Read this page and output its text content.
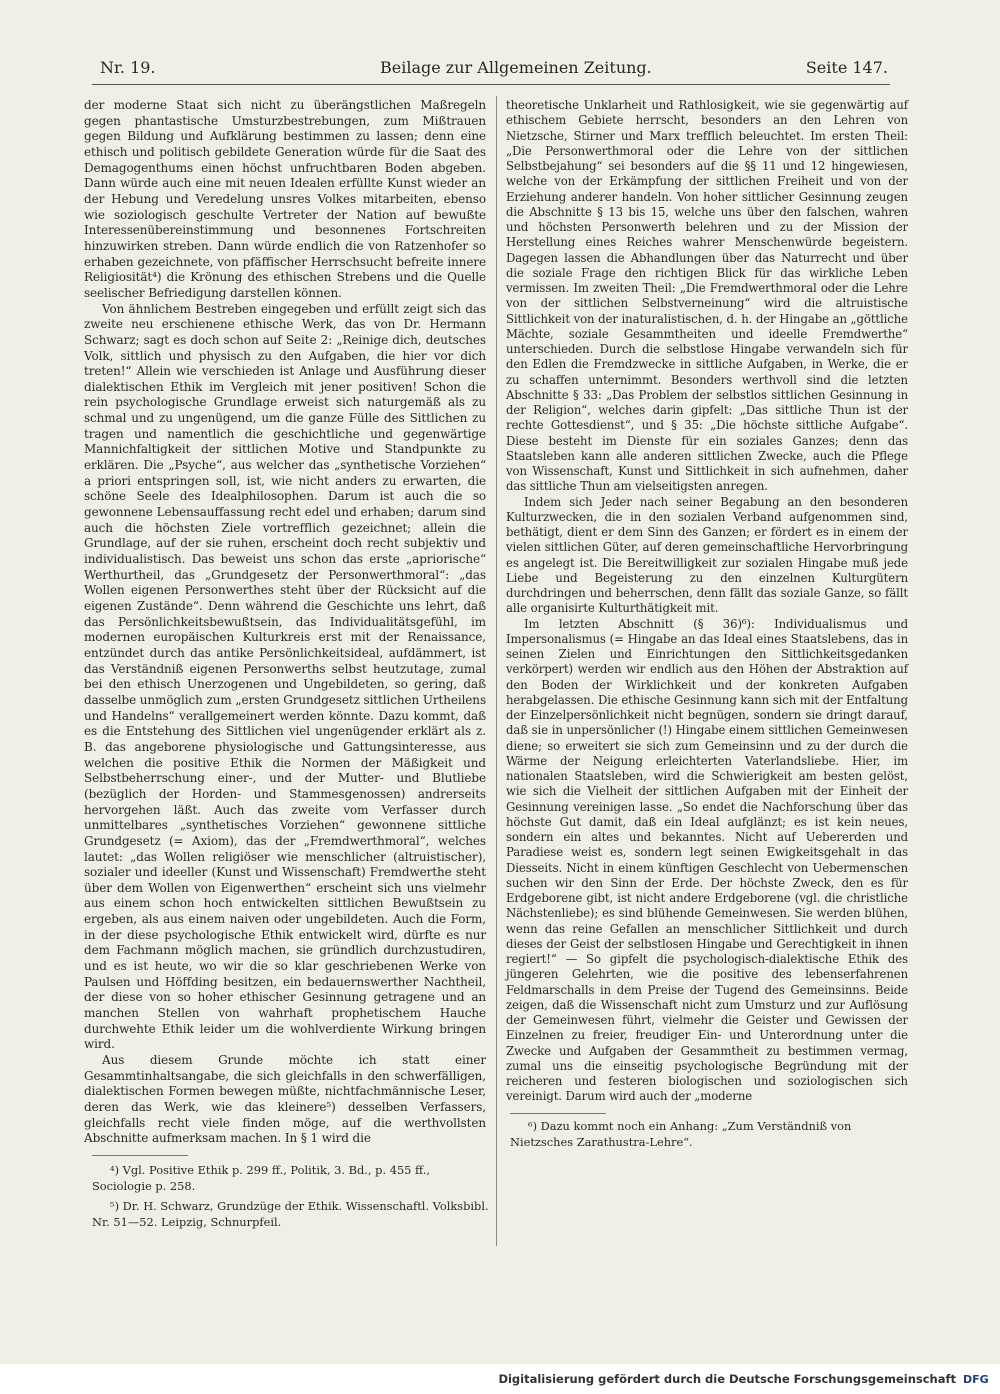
Nr. 19.	Beilage zur Allgemeinen Zeitung.	Seite 147.

der moderne Staat sich nicht zu überängstlichen Maßregeln gegen phantastische Umsturzbestrebungen, zum Mißtrauen gegen Bildung und Aufklärung bestimmen zu lassen; denn eine ethisch und politisch gebildete Generation würde für die Saat des Demagogenthums einen höchst unfruchtbaren Boden abgeben. Dann würde auch eine mit neuen Idealen erfüllte Kunst wieder an der Hebung und Veredelung unsres Volkes mitarbeiten, ebenso wie soziologisch geschulte Vertreter der Nation auf bewußte Interessenübereinstimmung und besonnenes Fortschreiten hinzuwirken streben. Dann würde endlich die von Ratzenhofer so erhaben gezeichnete, von pfäffischer Herrschsucht befreite innere Religiosität⁴) die Krönung des ethischen Strebens und die Quelle seelischer Befriedigung darstellen können.

Von ähnlichem Bestreben eingegeben und erfüllt zeigt sich das zweite neu erschienene ethische Werk, das von Dr. Hermann Schwarz; sagt es doch schon auf Seite 2: „Reinige dich, deutsches Volk, sittlich und physisch zu den Aufgaben, die hier vor dich treten!“ Allein wie verschieden ist Anlage und Ausführung dieser dialektischen Ethik im Vergleich mit jener positiven! Schon die rein psychologische Grundlage erweist sich naturgemäß als zu schmal und zu ungenügend, um die ganze Fülle des Sittlichen zu tragen und namentlich die geschichtliche und gegenwärtige Mannichfaltigkeit der sittlichen Motive und Standpunkte zu erklären. Die „Psyche“, aus welcher das „synthetische Vorziehen“ a priori entspringen soll, ist, wie nicht anders zu erwarten, die schöne Seele des Idealphilosophen. Darum ist auch die so gewonnene Lebensauffassung recht edel und erhaben; darum sind auch die höchsten Ziele vortrefflich gezeichnet; allein die Grundlage, auf der sie ruhen, erscheint doch recht subjektiv und individualistisch. Das beweist uns schon das erste „apriorische“ Werthurtheil, das „Grundgesetz der Personwerthmoral“: „das Wollen eigenen Personwerthes steht über der Rücksicht auf die eigenen Zustände“. Denn während die Geschichte uns lehrt, daß das Persönlichkeitsbewußtsein, das Individualitätsgefühl, im modernen europäischen Kulturkreis erst mit der Renaissance, entzündet durch das antike Persönlichkeitsideal, aufdämmert, ist das Verständniß eigenen Personwerths selbst heutzutage, zumal bei den ethisch Unerzogenen und Ungebildeten, so gering, daß dasselbe unmöglich zum „ersten Grundgesetz sittlichen Urtheilens und Handelns“ verallgemeinert werden könnte. Dazu kommt, daß es die Entstehung des Sittlichen viel ungenügender erklärt als z. B. das angeborene physiologische und Gattungsinteresse, aus welchen die positive Ethik die Normen der Mäßigkeit und Selbstbeherrschung einer-, und der Mutter- und Blutliebe (bezüglich der Horden- und Stammesgenossen) andrerseits hervorgehen läßt. Auch das zweite vom Verfasser durch unmittelbares „synthetisches Vorziehen“ gewonnene sittliche Grundgesetz (= Axiom), das der „Fremdwerthmoral“, welches lautet: „das Wollen religiöser wie menschlicher (altruistischer), sozialer und ideeller (Kunst und Wissenschaft) Fremdwerthe steht über dem Wollen von Eigenwerthen“ erscheint sich uns vielmehr aus einem schon hoch entwickelten sittlichen Bewußtsein zu ergeben, als aus einem naiven oder ungebildeten. Auch die Form, in der diese psychologische Ethik entwickelt wird, dürfte es nur dem Fachmann möglich machen, sie gründlich durchzustudiren, und es ist heute, wo wir die so klar geschriebenen Werke von Paulsen und Höffding besitzen, ein bedauernswerther Nachtheil, der diese von so hoher ethischer Gesinnung getragene und an manchen Stellen von wahrhaft prophetischem Hauche durchwehte Ethik leider um die wohlverdiente Wirkung bringen wird.

Aus diesem Grunde möchte ich statt einer Gesammtinhaltsangabe, die sich gleichfalls in den schwerfälligen, dialektischen Formen bewegen müßte, nichtfachmännische Leser, deren das Werk, wie das kleinere⁵) desselben Verfassers, gleichfalls recht viele finden möge, auf die werthvollsten Abschnitte aufmerksam machen. In § 1 wird die

theoretische Unklarheit und Rathlosigkeit, wie sie gegenwärtig auf ethischem Gebiete herrscht, besonders an den Lehren von Nietzsche, Stirner und Marx trefflich beleuchtet. Im ersten Theil: „Die Personwerthmoral oder die Lehre von der sittlichen Selbstbejahung“ sei besonders auf die §§ 11 und 12 hingewiesen, welche von der Erkämpfung der sittlichen Freiheit und von der Erziehung anderer handeln. Von hoher sittlicher Gesinnung zeugen die Abschnitte § 13 bis 15, welche uns über den falschen, wahren und höchsten Personwerth belehren und zu der Mission der Herstellung eines Reiches wahrer Menschenwürde begeistern. Dagegen lassen die Abhandlungen über das Naturrecht und über die soziale Frage den richtigen Blick für das wirkliche Leben vermissen. Im zweiten Theil: „Die Fremdwerthmoral oder die Lehre von der sittlichen Selbstverneinung“ wird die altruistische Sittlichkeit von der inaturalistischen, d. h. der Hingabe an „göttliche Mächte, soziale Gesammtheiten und ideelle Fremdwerthe“ unterschieden. Durch die selbstlose Hingabe verwandeln sich für den Edlen die Fremdzwecke in sittliche Aufgaben, in Werke, die er zu schaffen unternimmt. Besonders werthvoll sind die letzten Abschnitte § 33: „Das Problem der selbstlos sittlichen Gesinnung in der Religion“, welches darin gipfelt: „Das sittliche Thun ist der rechte Gottesdienst“, und § 35: „Die höchste sittliche Aufgabe“. Diese besteht im Dienste für ein soziales Ganzes; denn das Staatsleben kann alle anderen sittlichen Zwecke, auch die Pflege von Wissenschaft, Kunst und Sittlichkeit in sich aufnehmen, daher das sittliche Thun am vielseitigsten anregen.

Indem sich Jeder nach seiner Begabung an den besonderen Kulturzwecken, die in den sozialen Verband aufgenommen sind, bethätigt, dient er dem Sinn des Ganzen; er fördert es in einem der vielen sittlichen Güter, auf deren gemeinschaftliche Hervorbringung es angelegt ist. Die Bereitwilligkeit zur sozialen Hingabe muß jede Liebe und Begeisterung zu den einzelnen Kulturgütern durchdringen und beherrschen, denn fällt das soziale Ganze, so fällt alle organisirte Kulturthätigkeit mit.

Im letzten Abschnitt (§ 36)⁶): Individualismus und Impersonalismus (= Hingabe an das Ideal eines Staatslebens, das in seinen Zielen und Einrichtungen den Sittlichkeitsgedanken verkörpert) werden wir endlich aus den Höhen der Abstraktion auf den Boden der Wirklichkeit und der konkreten Aufgaben herabgelassen. Die ethische Gesinnung kann sich mit der Entfaltung der Einzelpersönlichkeit nicht begnügen, sondern sie dringt darauf, daß sie in unpersönlicher (!) Hingabe einem sittlichen Gemeinwesen diene; so erweitert sie sich zum Gemeinsinn und zu der durch die Wärme der Neigung erleichterten Vaterlandsliebe. Hier, im nationalen Staatsleben, wird die Schwierigkeit am besten gelöst, wie sich die Vielheit der sittlichen Aufgaben mit der Einheit der Gesinnung vereinigen lasse. „So endet die Nachforschung über das höchste Gut damit, daß ein Ideal aufglänzt; es ist kein neues, sondern ein altes und bekanntes. Nicht auf Uebererden und Paradiese weist es, sondern legt seinen Ewigkeitsgehalt in das Diesseits. Nicht in einem künftigen Geschlecht von Uebermenschen suchen wir den Sinn der Erde. Der höchste Zweck, den es für Erdgeborene gibt, ist nicht andere Erdgeborene (vgl. die christliche Nächstenliebe); es sind blühende Gemeinwesen. Sie werden blühen, wenn das reine Gefallen an menschlicher Sittlichkeit und durch dieses der Geist der selbstlosen Hingabe und Gerechtigkeit in ihnen regiert!“ — So gipfelt die psychologisch-dialektische Ethik des jüngeren Gelehrten, wie die positive des lebenserfahrenen Feldmarschalls in dem Preise der Tugend des Gemeinsinns. Beide zeigen, daß die Wissenschaft nicht zum Umsturz und zur Auflösung der Gemeinwesen führt, vielmehr die Geister und Gewissen der Einzelnen zu freier, freudiger Ein- und Unterordnung unter die Zwecke und Aufgaben der Gesammtheit zu bestimmen vermag, zumal uns die einseitig psychologische Begründung mit der reicheren und festeren biologischen und soziologischen sich vereinigt. Darum wird auch der „moderne

⁴) Vgl. Positive Ethik p. 299 ff., Politik, 3. Bd., p. 455 ff., Sociologie p. 258.

⁵) Dr. H. Schwarz, Grundzüge der Ethik. Wissenschaftl. Volksbibl. Nr. 51—52. Leipzig, Schnurpfeil.

⁶) Dazu kommt noch ein Anhang: „Zum Verständniß von Nietzsches Zarathustra-Lehre“.

Digitalisierung gefördert durch die Deutsche Forschungsgemeinschaft DFG
